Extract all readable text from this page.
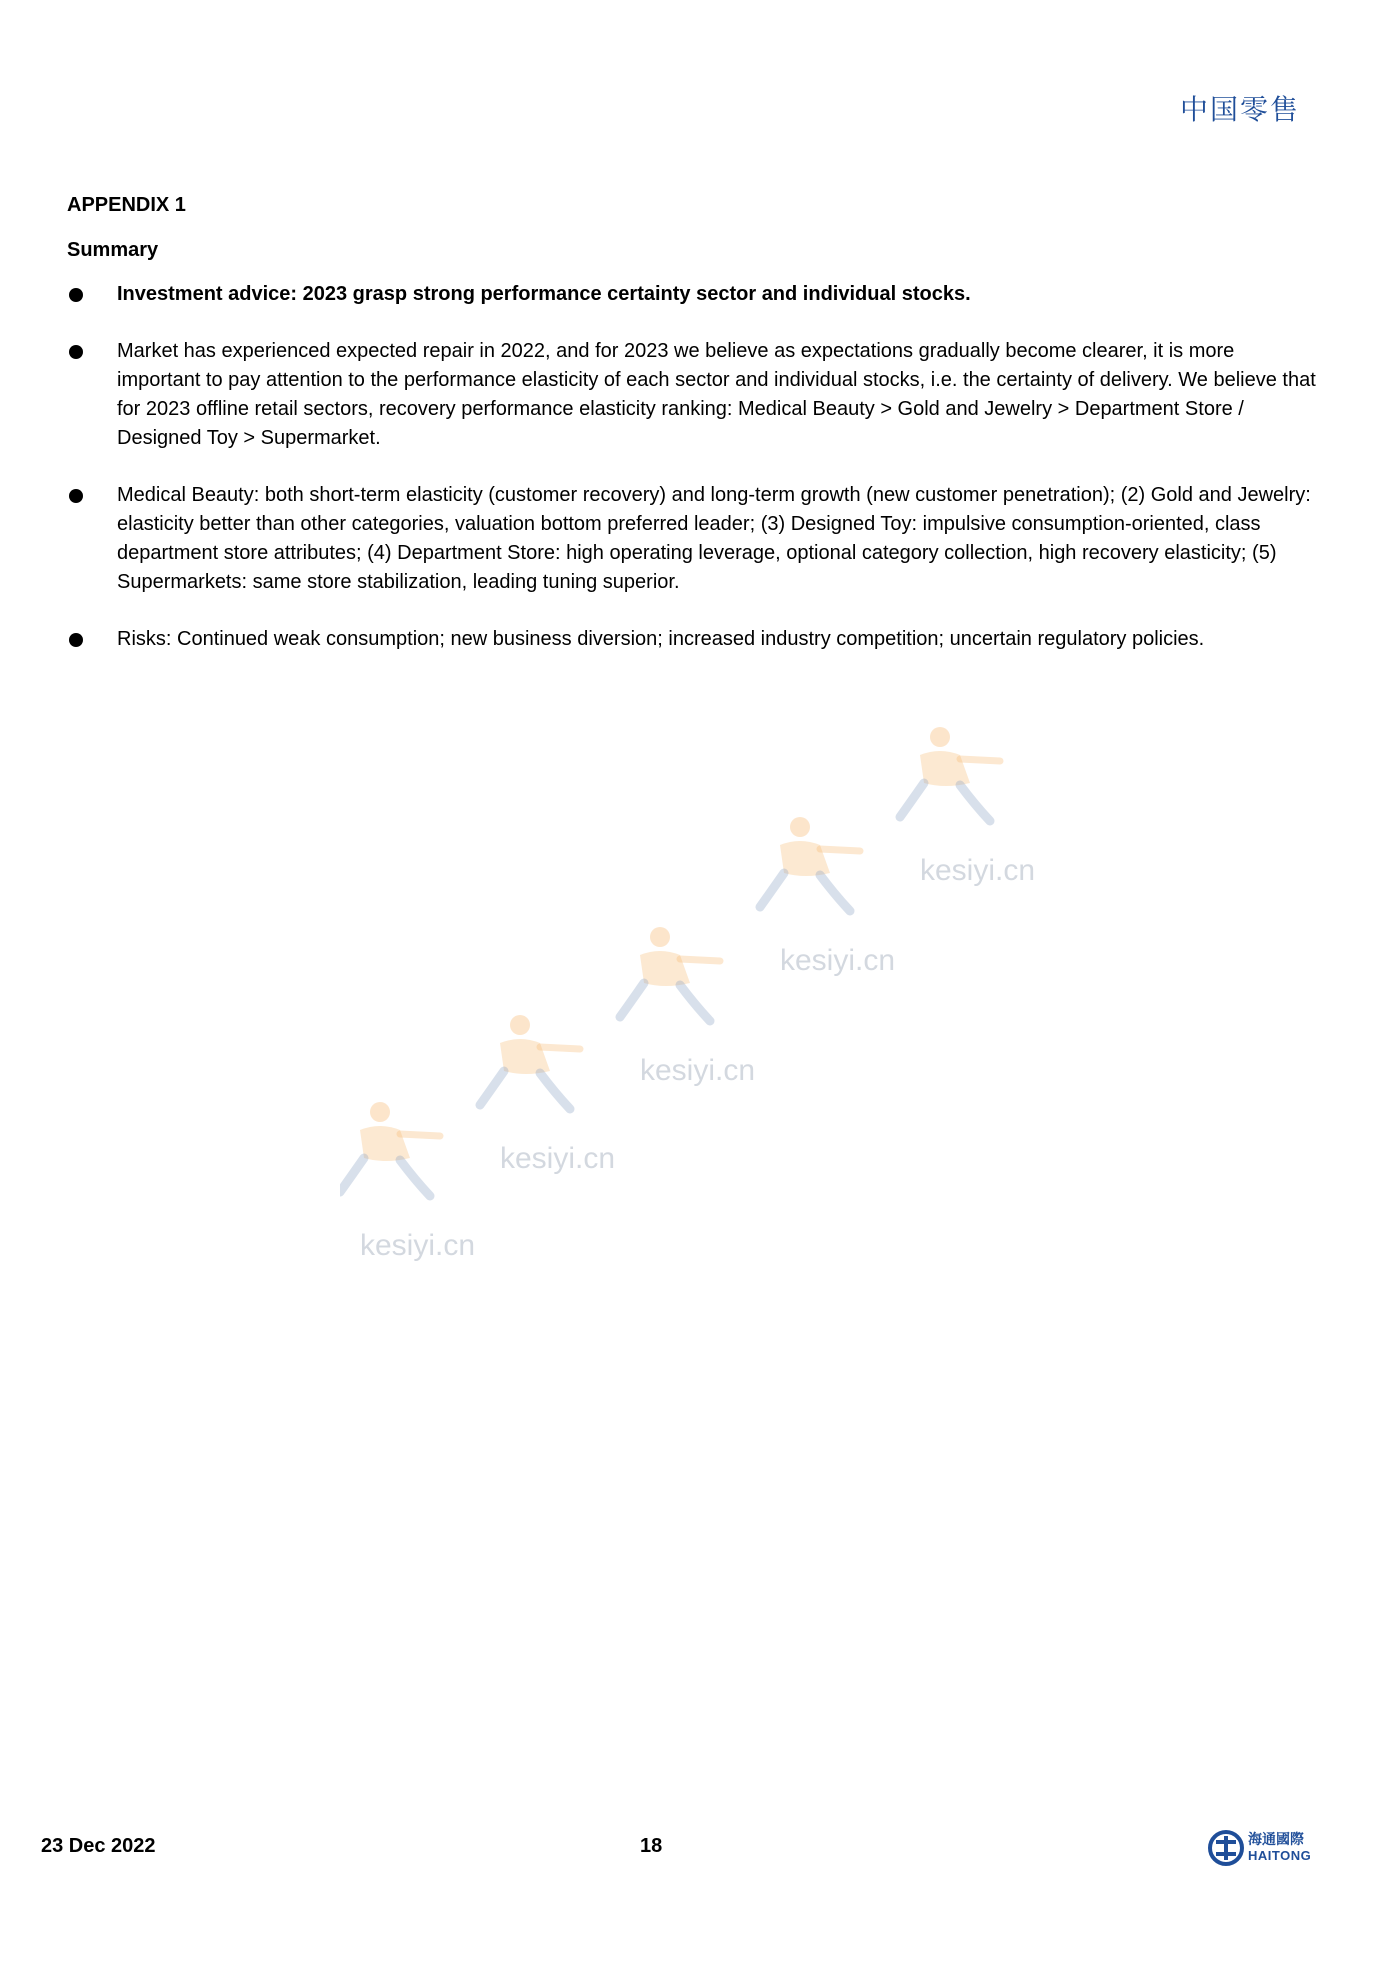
中国零售
APPENDIX 1
Summary
Investment advice: 2023 grasp strong performance certainty sector and individual stocks.
Market has experienced expected repair in 2022, and for 2023 we believe as expectations gradually become clearer, it is more important to pay attention to the performance elasticity of each sector and individual stocks, i.e. the certainty of delivery. We believe that for 2023 offline retail sectors, recovery performance elasticity ranking: Medical Beauty > Gold and Jewelry > Department Store / Designed Toy > Supermarket.
Medical Beauty: both short-term elasticity (customer recovery) and long-term growth (new customer penetration); (2) Gold and Jewelry: elasticity better than other categories, valuation bottom preferred leader; (3) Designed Toy: impulsive consumption-oriented, class department store attributes; (4) Department Store: high operating leverage, optional category collection, high recovery elasticity; (5) Supermarkets: same store stabilization, leading tuning superior.
Risks: Continued weak consumption; new business diversion; increased industry competition; uncertain regulatory policies.
kesiyi.cn
kesiyi.cn
kesiyi.cn
kesiyi.cn
kesiyi.cn
23 Dec 2022	18	海通國際
HAITONG
